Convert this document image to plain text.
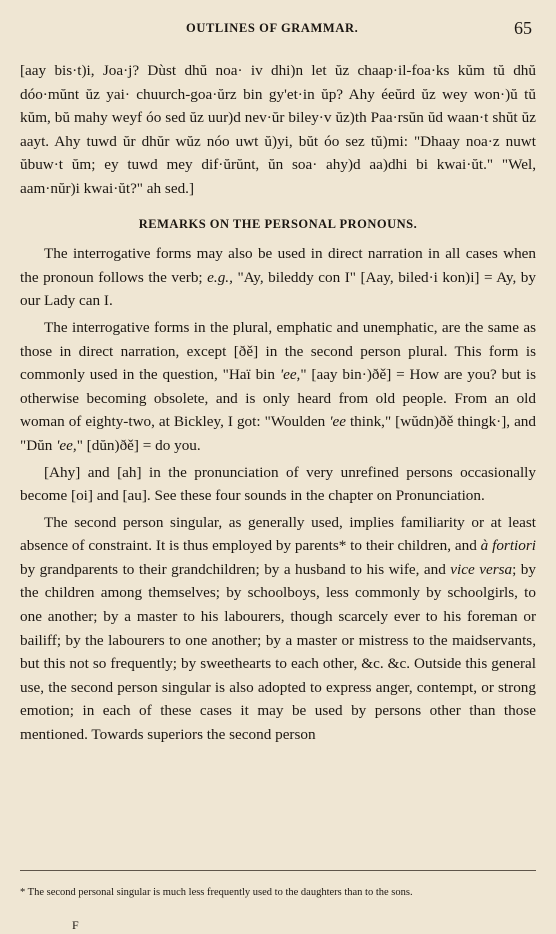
OUTLINES OF GRAMMAR.	65

[aay bis·t)i, Joa·j? Dùst dhŭ noa· iv dhi)n let ŭz chaap·il-foa·ks kŭm tŭ dhŭ dóo·mŭnt ŭz yai· chuurch-goa·ŭrz bin gy'et·in ŭp? Ahy éeŭrd ŭz wey won·)ŭ tŭ kŭm, bŭ mahy weyf óo sed ŭz uur)d nev·ŭr biley·v ŭz)th Paa·rsŭn ŭd waan·t shŭt ŭz aayt. Ahy tuwd ŭr dhŭr wŭz nóo uwt ŭ)yi, bŭt óo sez tŭ)mi: "Dhaay noa·z nuwt ŭbuw·t ŭm; ey tuwd mey dif·ŭrŭnt, ŭn soa· ahy)d aa)dhi bi kwai·ŭt." "Wel, aam·nŭr)i kwai·ŭt?" ah sed.]

REMARKS ON THE PERSONAL PRONOUNS.

The interrogative forms may also be used in direct narration in all cases when the pronoun follows the verb; e.g., "Ay, bileddy con I" [Aay, biled·i kon)i] = Ay, by our Lady can I.

The interrogative forms in the plural, emphatic and unemphatic, are the same as those in direct narration, except [ðě] in the second person plural. This form is commonly used in the question, "Haï bin 'ee," [aay bin·)ðě] = How are you? but is otherwise becoming obsolete, and is only heard from old people. From an old woman of eighty-two, at Bickley, I got: "Woulden 'ee think," [wŭdn)ðě thingk·], and "Dŭn 'ee," [dŭn)ðě] = do you.

[Ahy] and [ah] in the pronunciation of very unrefined persons occasionally become [oi] and [au]. See these four sounds in the chapter on Pronunciation.

The second person singular, as generally used, implies familiarity or at least absence of constraint. It is thus employed by parents* to their children, and à fortiori by grandparents to their grandchildren; by a husband to his wife, and vice versa; by the children among themselves; by schoolboys, less commonly by schoolgirls, to one another; by a master to his labourers, though scarcely ever to his foreman or bailiff; by the labourers to one another; by a master or mistress to the maidservants, but this not so frequently; by sweethearts to each other, &c. &c. Outside this general use, the second person singular is also adopted to express anger, contempt, or strong emotion; in each of these cases it may be used by persons other than those mentioned. Towards superiors the second person

* The second personal singular is much less frequently used to the daughters than to the sons.
F
